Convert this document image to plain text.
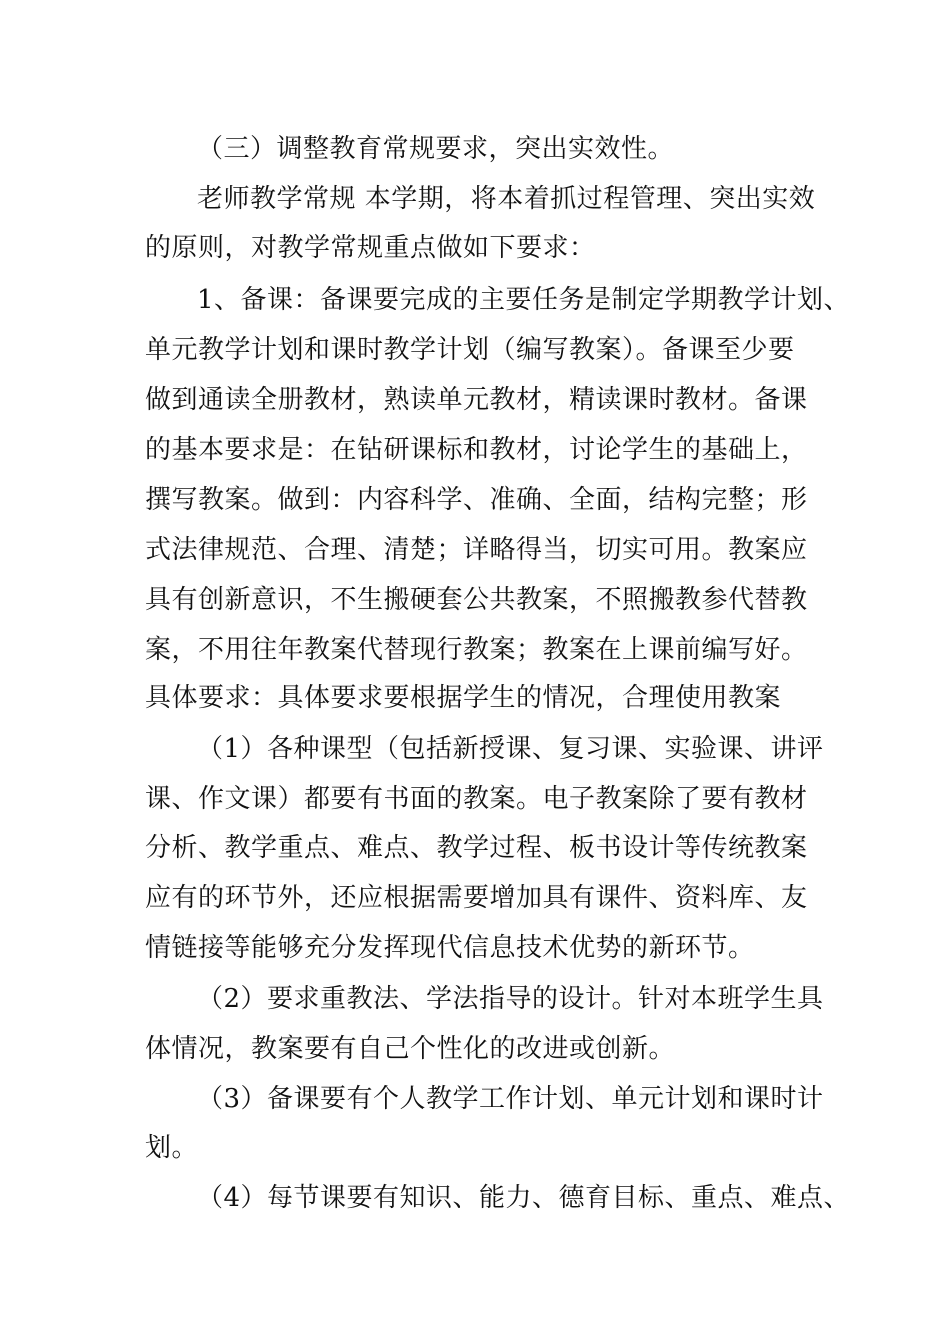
（三）调整教育常规要求，突出实效性。
老师教学常规 本学期，将本着抓过程管理、突出实效
的原则，对教学常规重点做如下要求：
1、备课：备课要完成的主要任务是制定学期教学计划、
单元教学计划和课时教学计划（编写教案）。备课至少要
做到通读全册教材，熟读单元教材，精读课时教材。备课
的基本要求是：在钻研课标和教材，讨论学生的基础上，
撰写教案。做到：内容科学、准确、全面，结构完整；形
式法律规范、合理、清楚；详略得当，切实可用。教案应
具有创新意识，不生搬硬套公共教案，不照搬教参代替教
案，不用往年教案代替现行教案；教案在上课前编写好。
具体要求：具体要求要根据学生的情况，合理使用教案
（1）各种课型（包括新授课、复习课、实验课、讲评
课、作文课）都要有书面的教案。电子教案除了要有教材
分析、教学重点、难点、教学过程、板书设计等传统教案
应有的环节外，还应根据需要增加具有课件、资料库、友
情链接等能够充分发挥现代信息技术优势的新环节。
（2）要求重教法、学法指导的设计。针对本班学生具
体情况，教案要有自己个性化的改进或创新。
（3）备课要有个人教学工作计划、单元计划和课时计
划。
（4）每节课要有知识、能力、德育目标、重点、难点、
